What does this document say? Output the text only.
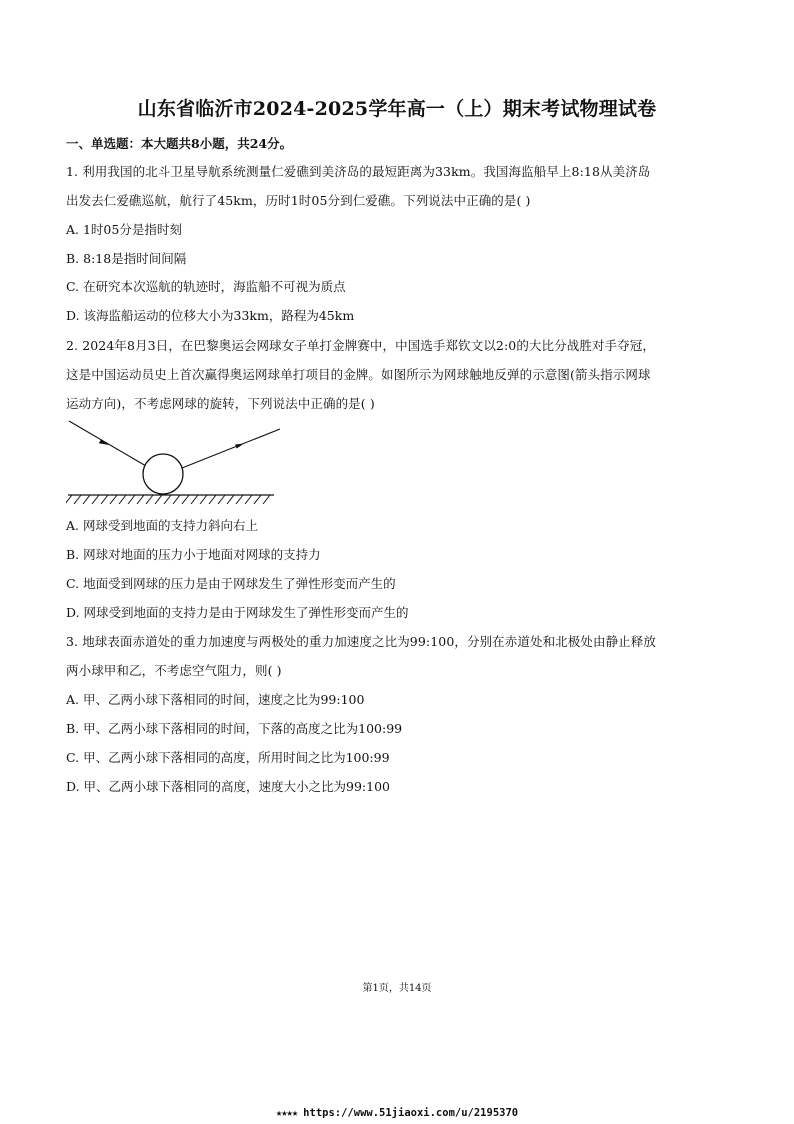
山东省临沂市2024-2025学年高一（上）期末考试物理试卷
一、单选题：本大题共8小题，共24分。
1. 利用我国的北斗卫星导航系统测量仁爱礁到美济岛的最短距离为33km。我国海监船早上8:18从美济岛
出发去仁爱礁巡航，航行了45km，历时1时05分到仁爱礁。下列说法中正确的是( )
A. 1时05分是指时刻
B. 8:18是指时间间隔
C. 在研究本次巡航的轨迹时，海监船不可视为质点
D. 该海监船运动的位移大小为33km，路程为45km
2. 2024年8月3日，在巴黎奥运会网球女子单打金牌赛中，中国选手郑钦文以2:0的大比分战胜对手夺冠，
这是中国运动员史上首次赢得奥运网球单打项目的金牌。如图所示为网球触地反弹的示意图(箭头指示网球
运动方向)，不考虑网球的旋转，下列说法中正确的是( )
A. 网球受到地面的支持力斜向右上
B. 网球对地面的压力小于地面对网球的支持力
C. 地面受到网球的压力是由于网球发生了弹性形变而产生的
D. 网球受到地面的支持力是由于网球发生了弹性形变而产生的
3. 地球表面赤道处的重力加速度与两极处的重力加速度之比为99:100，分别在赤道处和北极处由静止释放
两小球甲和乙，不考虑空气阻力，则( )
A. 甲、乙两小球下落相同的时间，速度之比为99:100
B. 甲、乙两小球下落相同的时间，下落的高度之比为100:99
C. 甲、乙两小球下落相同的高度，所用时间之比为100:99
D. 甲、乙两小球下落相同的高度，速度大小之比为99:100
第1页，共14页
★★★★ https://www.51jiaoxi.com/u/2195370
